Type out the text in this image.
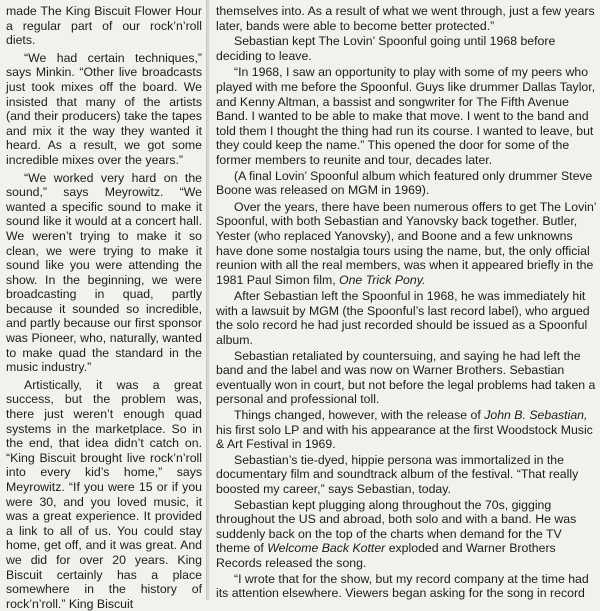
made The King Biscuit Flower Hour a regular part of our rock’n’roll diets.

“We had certain techniques,” says Minkin. “Other live broadcasts just took mixes off the board. We insisted that many of the artists (and their producers) take the tapes and mix it the way they wanted it heard. As a result, we got some incredible mixes over the years.”

“We worked very hard on the sound,” says Meyrowitz. “We wanted a specific sound to make it sound like it would at a concert hall. We weren’t trying to make it so clean, we were trying to make it sound like you were attending the show. In the beginning, we were broadcasting in quad, partly because it sounded so incredible, and partly because our first sponsor was Pioneer, who, naturally, wanted to make quad the standard in the music industry.”

Artistically, it was a great success, but the problem was, there just weren’t enough quad systems in the marketplace. So in the end, that idea didn’t catch on. “King Biscuit brought live rock’n’roll into every kid’s home,” says Meyrowitz. “If you were 15 or if you were 30, and you loved music, it was a great experience. It provided a link to all of us. You could stay home, get off, and it was great. And we did for over 20 years. King Biscuit certainly has a place somewhere in the history of rock’n’roll.” King Biscuit

themselves into. As a result of what we went through, just a few years later, bands were able to become better protected.”

Sebastian kept The Lovin’ Spoonful going until 1968 before deciding to leave.

“In 1968, I saw an opportunity to play with some of my peers who played with me before the Spoonful. Guys like drummer Dallas Taylor, and Kenny Altman, a bassist and songwriter for The Fifth Avenue Band. I wanted to be able to make that move. I went to the band and told them I thought the thing had run its course. I wanted to leave, but they could keep the name.” This opened the door for some of the former members to reunite and tour, decades later.

(A final Lovin’ Spoonful album which featured only drummer Steve Boone was released on MGM in 1969).

Over the years, there have been numerous offers to get The Lovin’ Spoonful, with both Sebastian and Yanovsky back together. Butler, Yester (who replaced Yanovsky), and Boone and a few unknowns have done some nostalgia tours using the name, but, the only official reunion with all the real members, was when it appeared briefly in the 1981 Paul Simon film, One Trick Pony.

After Sebastian left the Spoonful in 1968, he was immediately hit with a lawsuit by MGM (the Spoonful’s last record label), who argued the solo record he had just recorded should be issued as a Spoonful album.

Sebastian retaliated by countersuing, and saying he had left the band and the label and was now on Warner Brothers. Sebastian eventually won in court, but not before the legal problems had taken a personal and professional toll.

Things changed, however, with the release of John B. Sebastian, his first solo LP and with his appearance at the first Woodstock Music & Art Festival in 1969.

Sebastian’s tie-dyed, hippie persona was immortalized in the documentary film and soundtrack album of the festival. “That really boosted my career,” says Sebastian, today.

Sebastian kept plugging along throughout the 70s, gigging throughout the US and abroad, both solo and with a band. He was suddenly back on the top of the charts when demand for the TV theme of Welcome Back Kotter exploded and Warner Brothers Records released the song.

“I wrote that for the show, but my record company at the time had its attention elsewhere. Viewers began asking for the song in record
